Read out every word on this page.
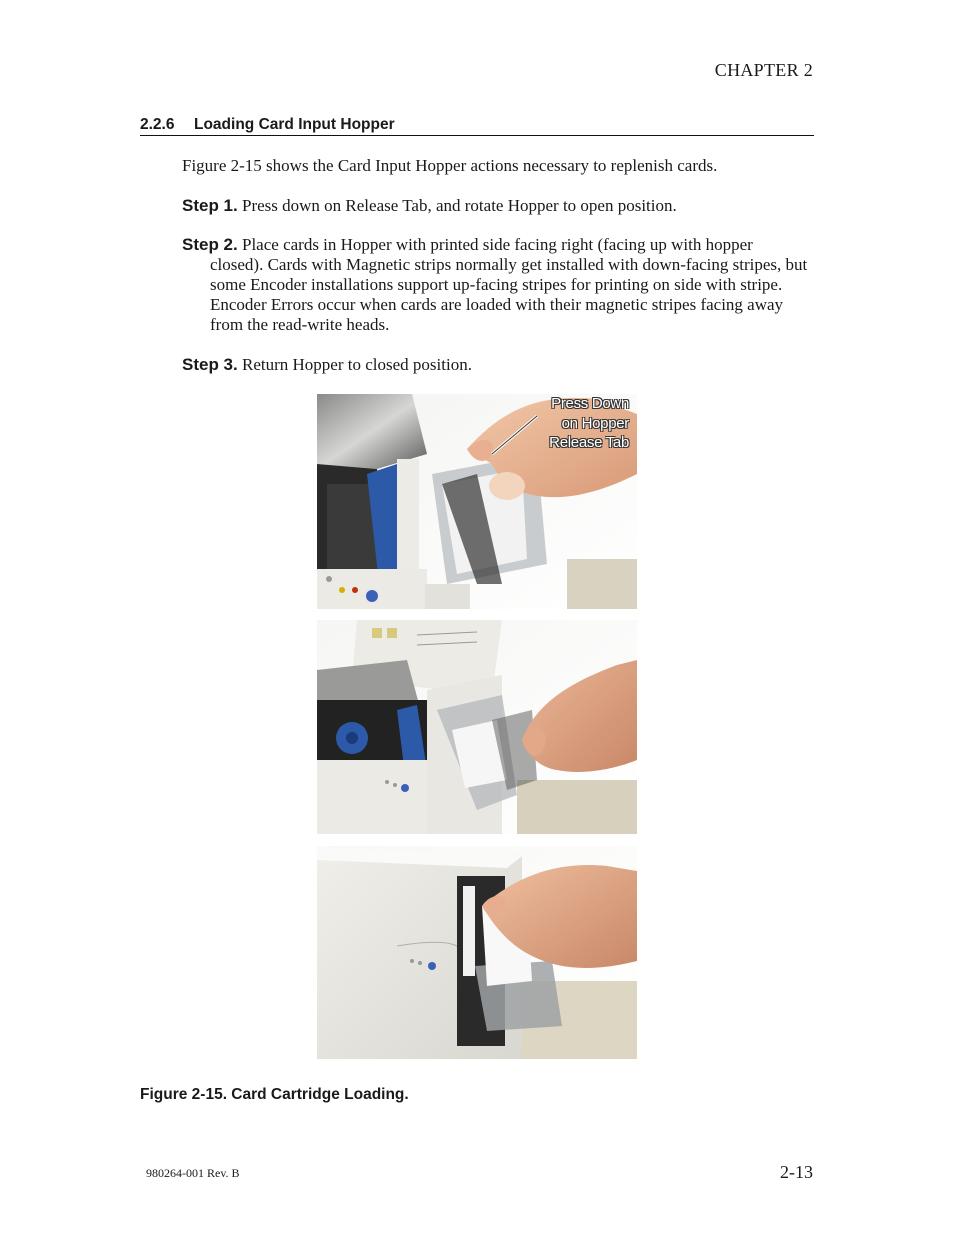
CHAPTER 2
2.2.6 Loading Card Input Hopper
Figure 2-15 shows the Card Input Hopper actions necessary to replenish cards.
Step 1. Press down on Release Tab, and rotate Hopper to open position.
Step 2. Place cards in Hopper with printed side facing right (facing up with hopper closed). Cards with Magnetic strips normally get installed with down-facing stripes, but some Encoder installations support up-facing stripes for printing on side with stripe. Encoder Errors occur when cards are loaded with their magnetic stripes facing away from the read-write heads.
Step 3. Return Hopper to closed position.
Press Down
on Hopper
Release Tab
Figure 2-15. Card Cartridge Loading.
980264-001 Rev. B	2-13
